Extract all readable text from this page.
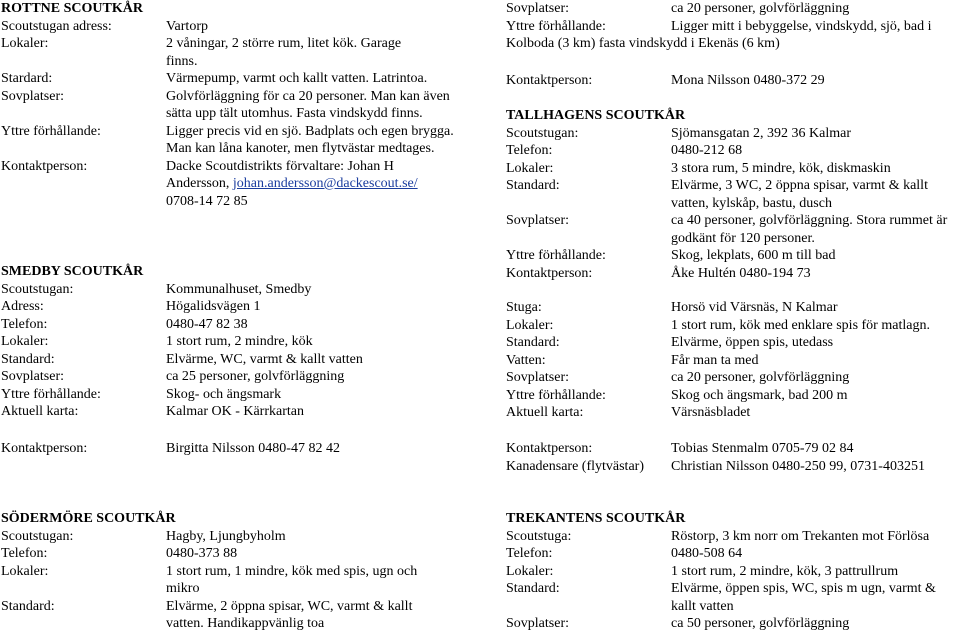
ROTTNE SCOUTKÅR
Scoutstugan adress:	Vartorp
Lokaler:	2 våningar, 2 större rum, litet kök. Garage finns.
Stardard:	Värmepump, varmt och kallt vatten. Latrintoa.
Sovplatser:	Golvförläggning för ca 20 personer. Man kan även sätta upp tält utomhus. Fasta vindskydd finns.
Yttre förhållande:	Ligger precis vid en sjö. Badplats och egen brygga. Man kan låna kanoter, men flytvästar medtages.
Kontaktperson:	Dacke Scoutdistrikts förvaltare: Johan H Andersson, johan.andersson@dackescout.se/
0708-14 72 85
SMEDBY SCOUTKÅR
Scoutstugan:	Kommunalhuset, Smedby
Adress:	Högalidsvägen 1
Telefon:	0480-47 82 38
Lokaler:	1 stort rum, 2 mindre, kök
Standard:	Elvärme, WC, varmt & kallt vatten
Sovplatser:	ca 25 personer, golvförläggning
Yttre förhållande:	Skog- och ängsmark
Aktuell karta:	Kalmar OK - Kärrkartan
Kontaktperson:	Birgitta Nilsson 0480-47 82 42
SÖDERMÖRE SCOUTKÅR
Scoutstugan:	Hagby, Ljungbyholm
Telefon:	0480-373 88
Lokaler:	1 stort rum, 1 mindre, kök med spis, ugn och mikro
Standard:	Elvärme, 2 öppna spisar, WC, varmt & kallt vatten. Handikappvänlig toa
Sovplatser:	ca 20 personer, golvförläggning
Yttre förhållande:	Ligger mitt i bebyggelse, vindskydd, sjö, bad i Kolboda (3 km) fasta vindskydd i Ekenäs (6 km)
Kontaktperson:	Mona Nilsson 0480-372 29
TALLHAGENS SCOUTKÅR
Scoutstugan:	Sjömansgatan 2, 392 36 Kalmar
Telefon:	0480-212 68
Lokaler:	3 stora rum, 5 mindre, kök, diskmaskin
Standard:	Elvärme, 3 WC, 2 öppna spisar, varmt & kallt vatten, kylskåp, bastu, dusch
Sovplatser:	ca 40 personer, golvförläggning. Stora rummet är godkänt för 120 personer.
Yttre förhållande:	Skog, lekplats, 600 m till bad
Kontaktperson:	Åke Hultén 0480-194 73
Stuga:	Horsö vid Värsnäs, N Kalmar
Lokaler:	1 stort rum, kök med enklare spis för matlagn.
Standard:	Elvärme, öppen spis, utedass
Vatten:	Får man ta med
Sovplatser:	ca 20 personer, golvförläggning
Yttre förhållande:	Skog och ängsmark, bad 200 m
Aktuell karta:	Värsnäsbladet
Kontaktperson:	Tobias Stenmalm 0705-79 02 84
Kanadensare (flytvästar)	Christian Nilsson 0480-250 99, 0731-403251
TREKANTENS SCOUTKÅR
Scoutstuga:	Röstorp, 3 km norr om Trekanten mot Förlösa
Telefon:	0480-508 64
Lokaler:	1 stort rum, 2 mindre, kök, 3 pattrullrum
Standard:	Elvärme, öppen spis, WC, spis m ugn, varmt & kallt vatten
Sovplatser:	ca 50 personer, golvförläggning
